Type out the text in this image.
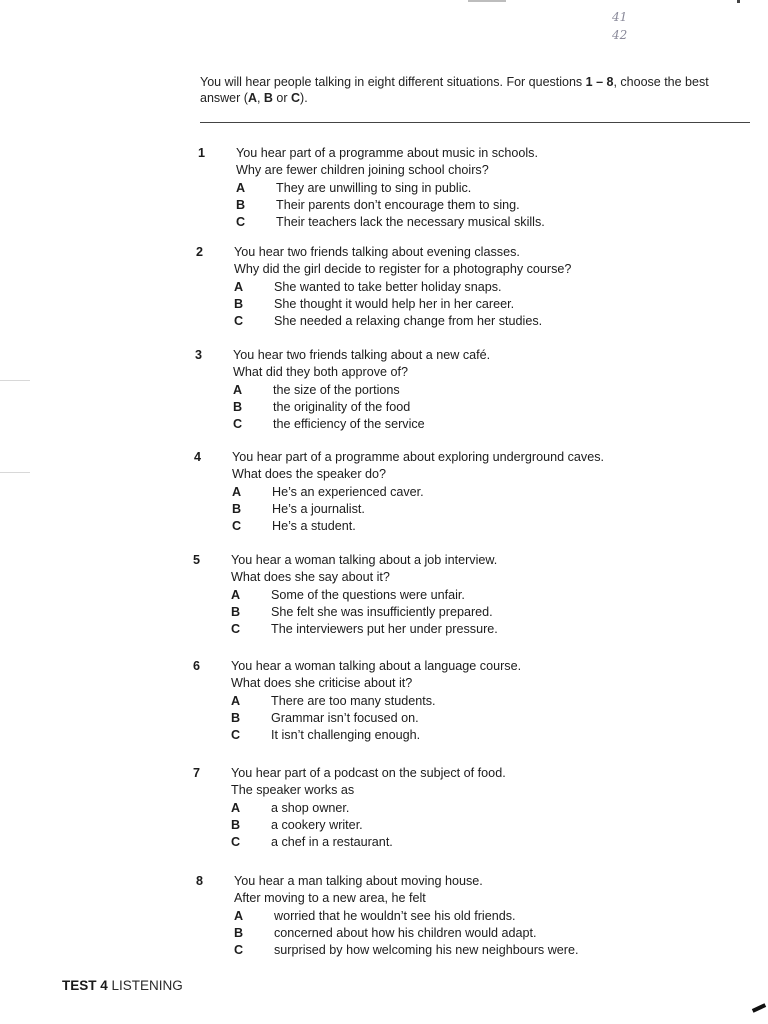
41
42
You will hear people talking in eight different situations. For questions 1 – 8, choose the best answer (A, B or C).
1	You hear part of a programme about music in schools.
Why are fewer children joining school choirs?
A	They are unwilling to sing in public.
B	Their parents don’t encourage them to sing.
C	Their teachers lack the necessary musical skills.
2	You hear two friends talking about evening classes.
Why did the girl decide to register for a photography course?
A	She wanted to take better holiday snaps.
B	She thought it would help her in her career.
C	She needed a relaxing change from her studies.
3	You hear two friends talking about a new café.
What did they both approve of?
A	the size of the portions
B	the originality of the food
C	the efficiency of the service
4	You hear part of a programme about exploring underground caves.
What does the speaker do?
A	He’s an experienced caver.
B	He’s a journalist.
C	He’s a student.
5	You hear a woman talking about a job interview.
What does she say about it?
A	Some of the questions were unfair.
B	She felt she was insufficiently prepared.
C	The interviewers put her under pressure.
6	You hear a woman talking about a language course.
What does she criticise about it?
A	There are too many students.
B	Grammar isn’t focused on.
C	It isn’t challenging enough.
7	You hear part of a podcast on the subject of food.
The speaker works as
A	a shop owner.
B	a cookery writer.
C	a chef in a restaurant.
8	You hear a man talking about moving house.
After moving to a new area, he felt
A	worried that he wouldn’t see his old friends.
B	concerned about how his children would adapt.
C	surprised by how welcoming his new neighbours were.
TEST 4 LISTENING
